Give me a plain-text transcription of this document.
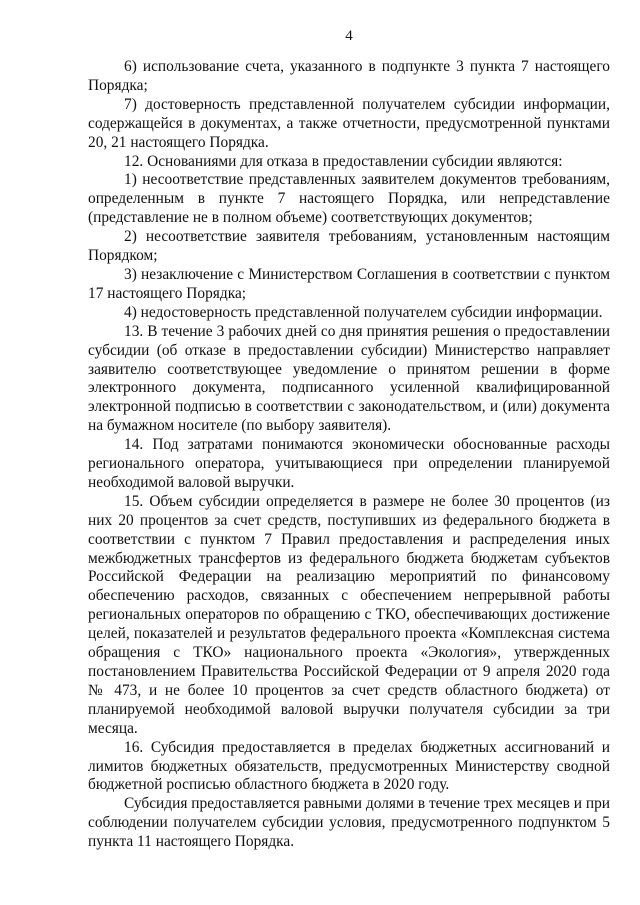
4

6) использование счета, указанного в подпункте 3 пункта 7 настоящего Порядка;

7) достоверность представленной получателем субсидии информации, содержащейся в документах, а также отчетности, предусмотренной пунктами 20, 21 настоящего Порядка.

12. Основаниями для отказа в предоставлении субсидии являются:

1) несоответствие представленных заявителем документов требованиям, определенным в пункте 7 настоящего Порядка, или непредставление (представление не в полном объеме) соответствующих документов;

2) несоответствие заявителя требованиям, установленным настоящим Порядком;

3) незаключение с Министерством Соглашения в соответствии с пунктом 17 настоящего Порядка;

4) недостоверность представленной получателем субсидии информации.

13. В течение 3 рабочих дней со дня принятия решения о предоставлении субсидии (об отказе в предоставлении субсидии) Министерство направляет заявителю соответствующее уведомление о принятом решении в форме электронного документа, подписанного усиленной квалифицированной электронной подписью в соответствии с законодательством, и (или) документа на бумажном носителе (по выбору заявителя).

14. Под затратами понимаются экономически обоснованные расходы регионального оператора, учитывающиеся при определении планируемой необходимой валовой выручки.

15. Объем субсидии определяется в размере не более 30 процентов (из них 20 процентов за счет средств, поступивших из федерального бюджета в соответствии с пунктом 7 Правил предоставления и распределения иных межбюджетных трансфертов из федерального бюджета бюджетам субъектов Российской Федерации на реализацию мероприятий по финансовому обеспечению расходов, связанных с обеспечением непрерывной работы региональных операторов по обращению с ТКО, обеспечивающих достижение целей, показателей и результатов федерального проекта «Комплексная система обращения с ТКО» национального проекта «Экология», утвержденных постановлением Правительства Российской Федерации от 9 апреля 2020 года № 473, и не более 10 процентов за счет средств областного бюджета) от планируемой необходимой валовой выручки получателя субсидии за три месяца.

16. Субсидия предоставляется в пределах бюджетных ассигнований и лимитов бюджетных обязательств, предусмотренных Министерству сводной бюджетной росписью областного бюджета в 2020 году.

Субсидия предоставляется равными долями в течение трех месяцев и при соблюдении получателем субсидии условия, предусмотренного подпунктом 5 пункта 11 настоящего Порядка.
